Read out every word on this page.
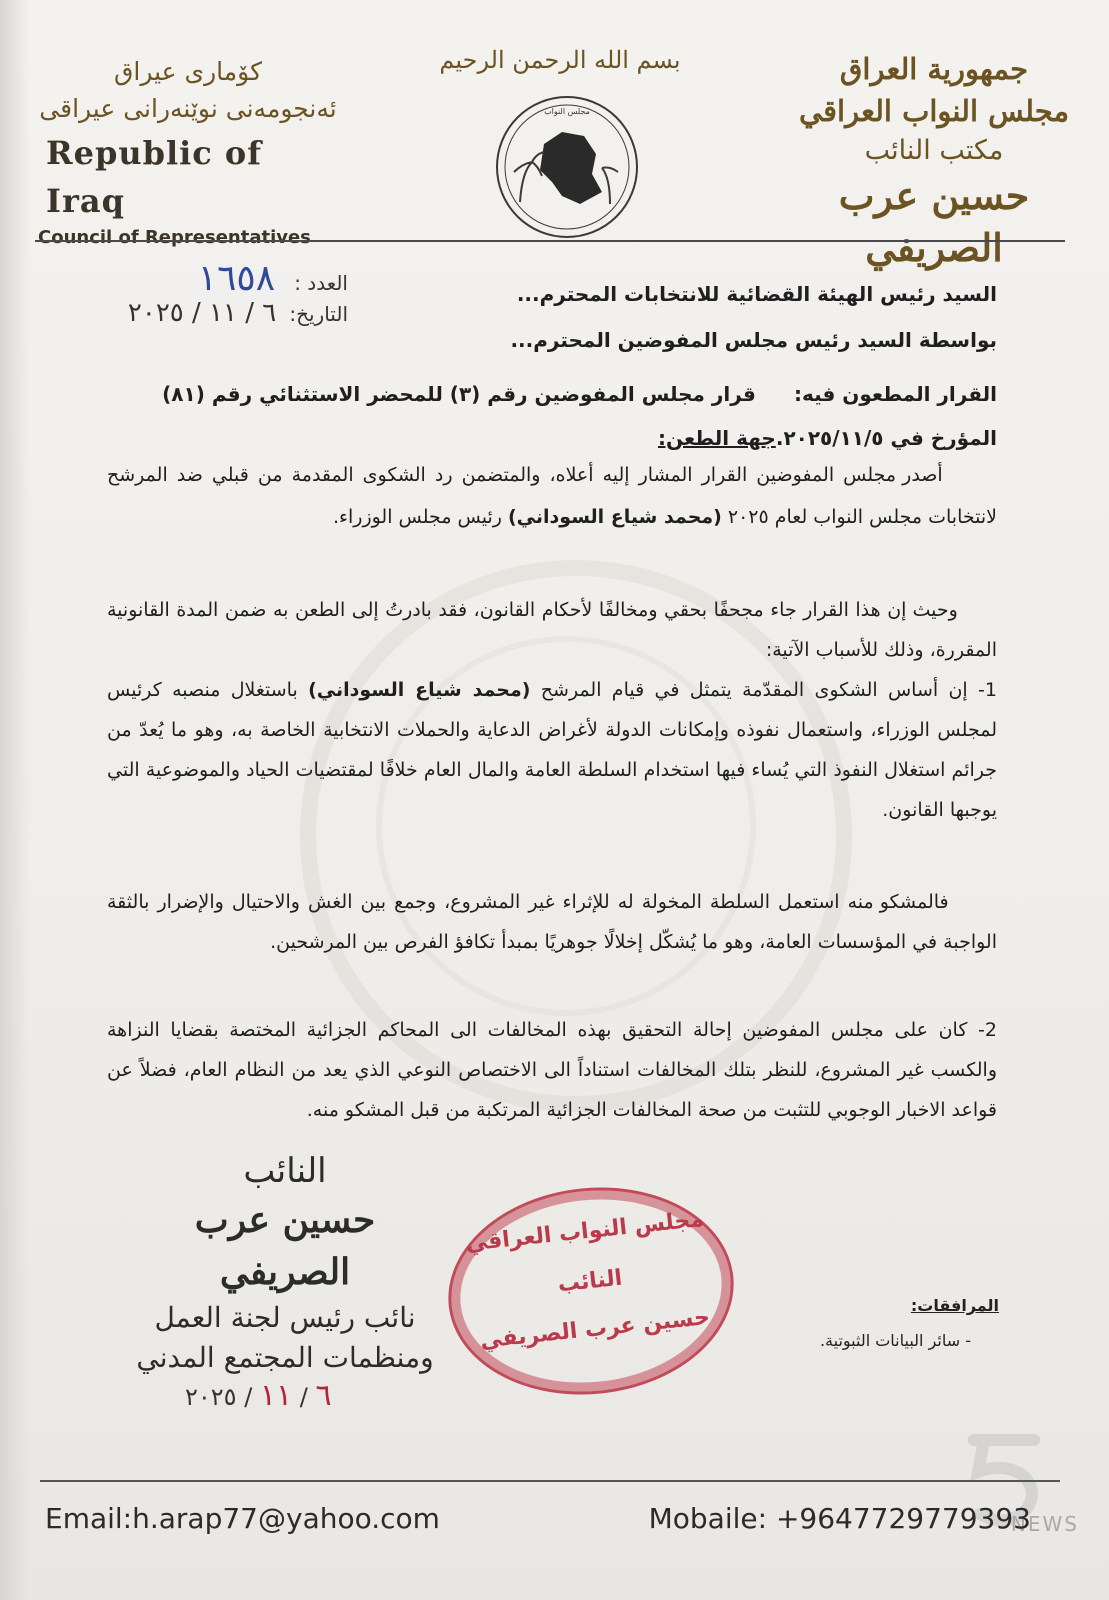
جمهورية العراق
مجلس النواب العراقي
مكتب النائب
حسين عرب الصريفي
بسم الله الرحمن الرحيم
مجلس النواب
کۆماری عیراق
ئەنجومەنی نوێنەرانی عیراقی
Republic of Iraq
Council of Representatives
العدد : ١٦٥٨
التاريخ: ٦ / ١١ / ٢٠٢٥
السيد رئيس الهيئة القضائية للانتخابات المحترم...
بواسطة السيد رئيس مجلس المفوضين المحترم...
القرار المطعون فيه:      قرار مجلس المفوضين رقم (٣) للمحضر الاستثنائي رقم (٨١)
المؤرخ في ٢٠٢٥/١١/٥.جهة الطعن:
أصدر مجلس المفوضين القرار المشار إليه أعلاه، والمتضمن رد الشكوى المقدمة من قبلي ضد المرشح لانتخابات مجلس النواب لعام ٢٠٢٥ (محمد شياع السوداني) رئيس مجلس الوزراء.
وحيث إن هذا القرار جاء مجحفًا بحقي ومخالفًا لأحكام القانون، فقد بادرتُ إلى الطعن به ضمن المدة القانونية المقررة، وذلك للأسباب الآتية:
1- إن أساس الشكوى المقدّمة يتمثل في قيام المرشح (محمد شياع السوداني) باستغلال منصبه كرئيس لمجلس الوزراء، واستعمال نفوذه وإمكانات الدولة لأغراض الدعاية والحملات الانتخابية الخاصة به، وهو ما يُعدّ من جرائم استغلال النفوذ التي يُساء فيها استخدام السلطة العامة والمال العام خلافًا لمقتضيات الحياد والموضوعية التي يوجبها القانون.
فالمشكو منه استعمل السلطة المخولة له للإثراء غير المشروع، وجمع بين الغش والاحتيال والإضرار بالثقة الواجبة في المؤسسات العامة، وهو ما يُشكّل إخلالًا جوهريًا بمبدأ تكافؤ الفرص بين المرشحين.
2- كان على مجلس المفوضين إحالة التحقيق بهذه المخالفات الى المحاكم الجزائية المختصة بقضايا النزاهة والكسب غير المشروع، للنظر بتلك المخالفات استناداً الى الاختصاص النوعي الذي يعد من النظام العام، فضلاً عن قواعد الاخبار الوجوبي للتثبت من صحة المخالفات الجزائية المرتكبة من قبل المشكو منه.
النائب
حسين عرب الصريفي
نائب رئيس لجنة العمل
ومنظمات المجتمع المدني
٦ / ١١ / ٢٠٢٥
مجلس النواب العراقي
النائب
حسين عرب الصريفي	المرافقات:
- سائر البيانات الثبوتية.
NEWS
Email:h.arap77@yahoo.com	Mobaile: +9647729779393
